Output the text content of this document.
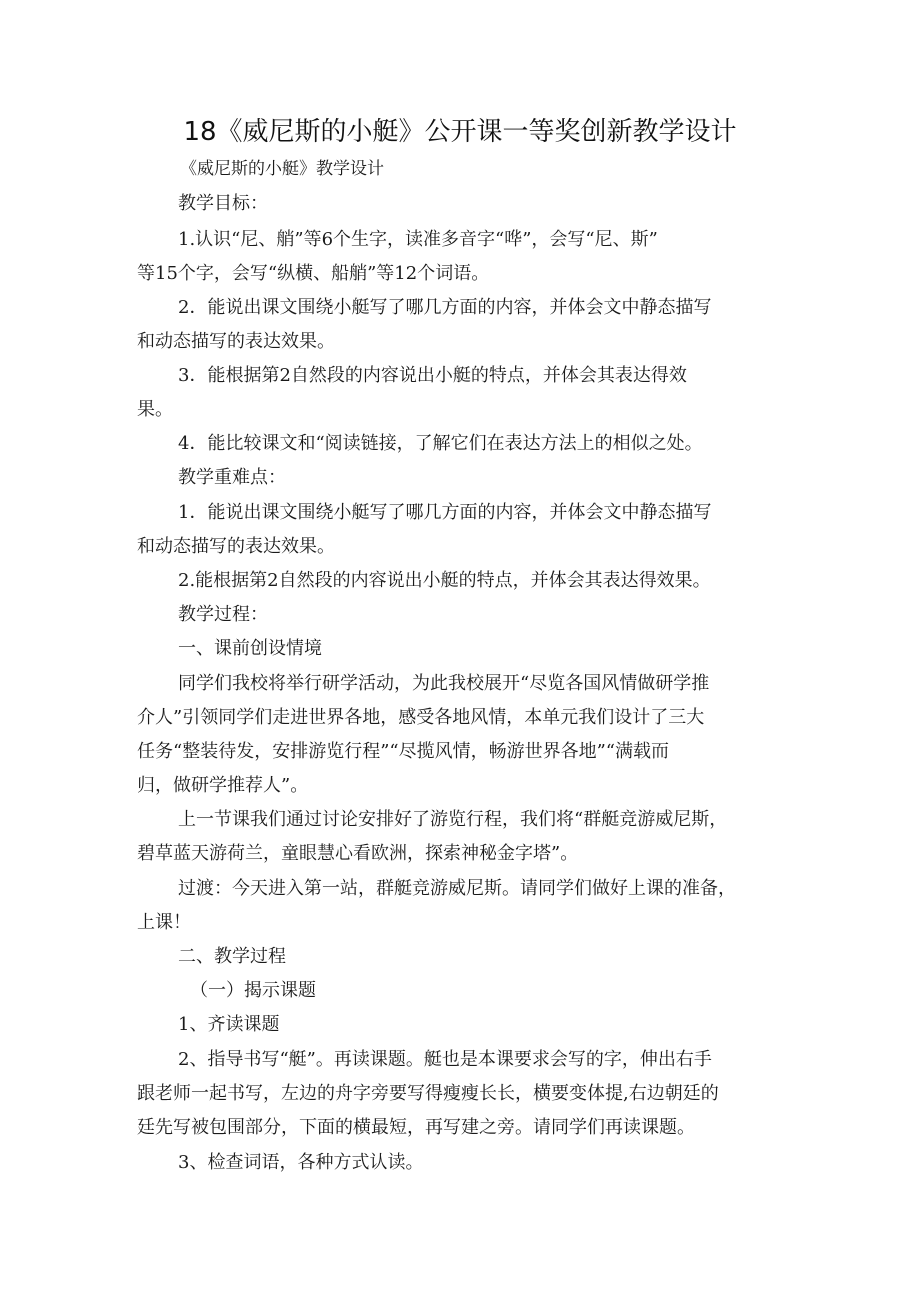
18《威尼斯的小艇》公开课一等奖创新教学设计
《威尼斯的小艇》教学设计
教学目标：
1.认识“尼、艄”等6个生字，读准多音字“哗”，会写“尼、斯”
等15个字，会写“纵横、船艄”等12个词语。
2．能说出课文围绕小艇写了哪几方面的内容，并体会文中静态描写
和动态描写的表达效果。
3．能根据第2自然段的内容说出小艇的特点，并体会其表达得效
果。
4．能比较课文和“阅读链接，了解它们在表达方法上的相似之处。
教学重难点：
1．能说出课文围绕小艇写了哪几方面的内容，并体会文中静态描写
和动态描写的表达效果。
2.能根据第2自然段的内容说出小艇的特点，并体会其表达得效果。
教学过程：
一、课前创设情境
同学们我校将举行研学活动，为此我校展开“尽览各国风情做研学推
介人”引领同学们走进世界各地，感受各地风情，本单元我们设计了三大
任务“整装待发，安排游览行程”“尽揽风情，畅游世界各地”“满载而
归，做研学推荐人”。
上一节课我们通过讨论安排好了游览行程，我们将“群艇竞游威尼斯，
碧草蓝天游荷兰，童眼慧心看欧洲，探索神秘金字塔”。
过渡：今天进入第一站，群艇竞游威尼斯。请同学们做好上课的准备，
上课！
二、教学过程
（一）揭示课题
1、齐读课题
2、指导书写“艇”。再读课题。艇也是本课要求会写的字，伸出右手
跟老师一起书写，左边的舟字旁要写得瘦瘦长长，横要变体提,右边朝廷的
廷先写被包围部分，下面的横最短，再写建之旁。请同学们再读课题。
3、检查词语，各种方式认读。
